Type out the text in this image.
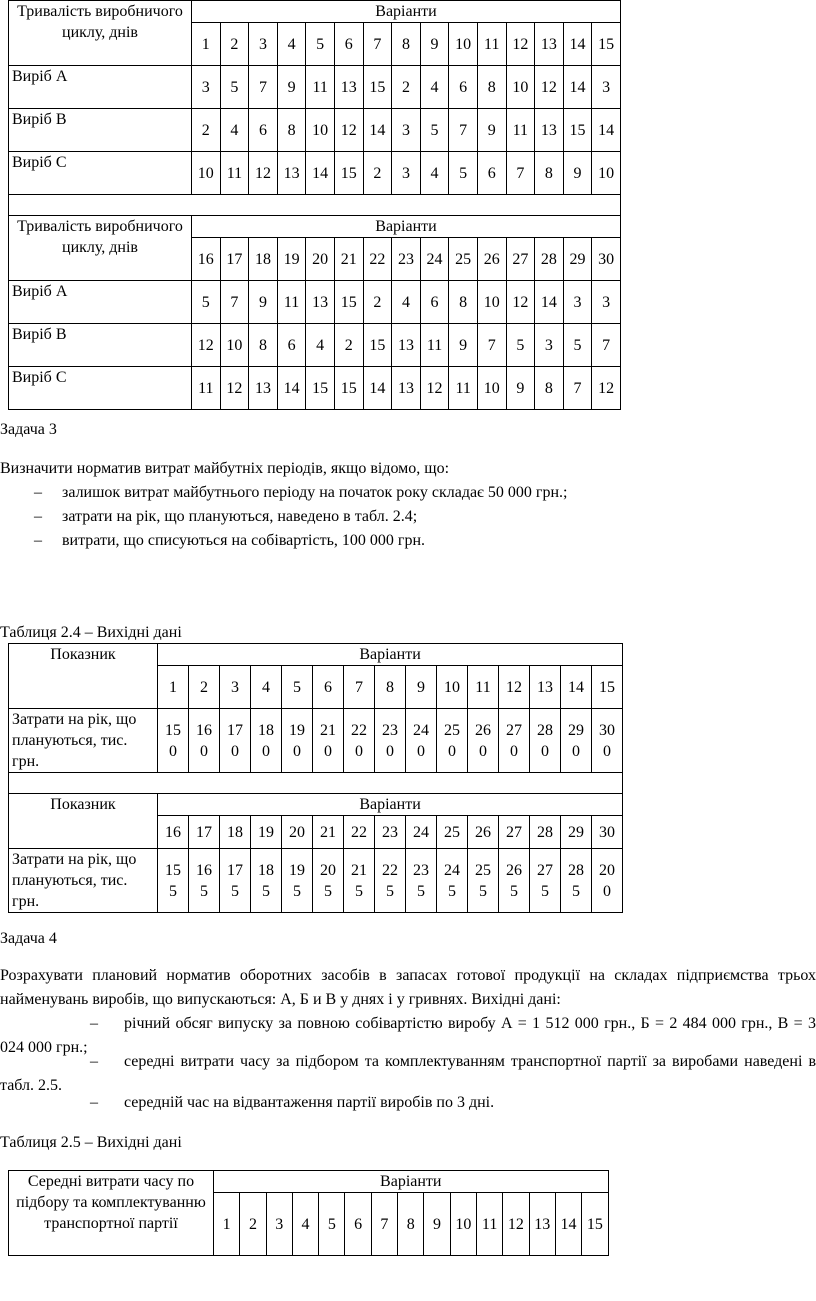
Тривалість виробничого циклу, днів	Варіанти														
	1	2	3	4	5	6	7	8	9	10	11	12	13	14	15
Виріб А	3	5	7	9	11	13	15	2	4	6	8	10	12	14	3
Виріб В	2	4	6	8	10	12	14	3	5	7	9	11	13	15	14
Виріб С	10	11	12	13	14	15	2	3	4	5	6	7	8	9	10

Тривалість виробничого циклу, днів	Варіанти														
	16	17	18	19	20	21	22	23	24	25	26	27	28	29	30
Виріб А	5	7	9	11	13	15	2	4	6	8	10	12	14	3	3
Виріб В	12	10	8	6	4	2	15	13	11	9	7	5	3	5	7
Виріб С	11	12	13	14	15	15	14	13	12	11	10	9	8	7	12

Задача 3

Визначити норматив витрат майбутніх періодів, якщо відомо, що:

– залишок витрат майбутнього періоду на початок року складає 50 000 грн.;
– затрати на рік, що плануються, наведено в табл. 2.4;
– витрати, що списуються на собівартість, 100 000 грн.

Таблиця 2.4 – Вихідні дані

Показник	Варіанти														
	1	2	3	4	5	6	7	8	9	10	11	12	13	14	15
Затрати на рік, що плануються, тис. грн.	150	160	170	180	190	210	220	230	240	250	260	270	280	290	300

Показник	Варіанти														
	16	17	18	19	20	21	22	23	24	25	26	27	28	29	30
Затрати на рік, що плануються, тис. грн.	155	165	175	185	195	205	215	225	235	245	255	265	275	285	200

Задача 4

Розрахувати плановий норматив оборотних засобів в запасах готової продукції на складах підприємства трьох найменувань виробів, що випускаються: А, Б и В у днях і у гривнях. Вихідні дані:
–	річний обсяг випуску за повною собівартістю виробу А = 1 512 000 грн., Б = 2 484 000 грн., В = 3 024 000 грн.;
–	середні витрати часу за підбором та комплектуванням транспортної партії за виробами наведені в табл. 2.5.
– середній час на відвантаження партії виробів по 3 дні.

Таблиця 2.5 – Вихідні дані

Середні витрати часу по підбору та комплектуванню транспортної партії	Варіанти														
	1	2	3	4	5	6	7	8	9	10	11	12	13	14	15
